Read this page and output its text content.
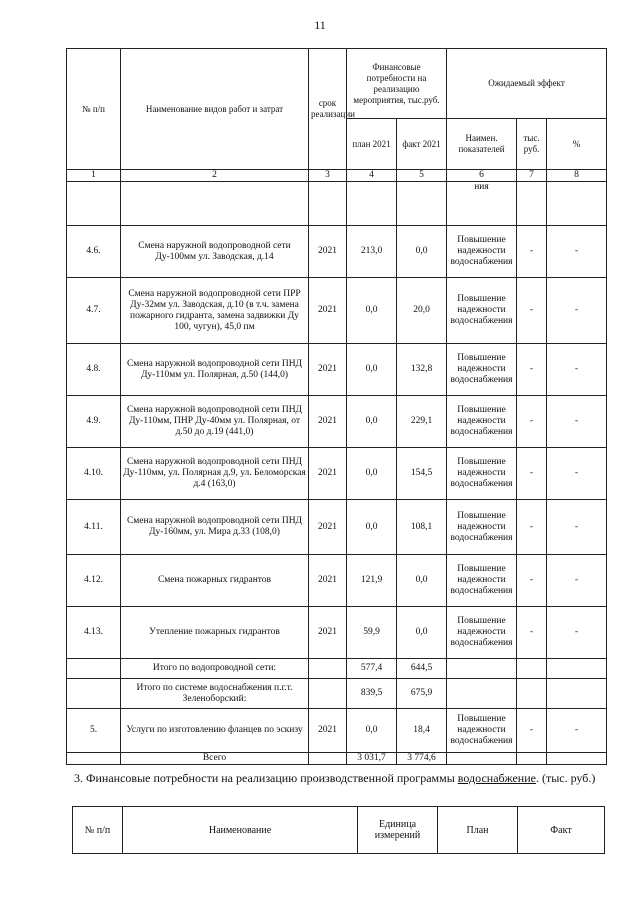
11
№ п/п	Наименование видов работ и затрат	срок реализации	Финансовые потребности на реализацию мероприятия, тыс.руб.		Ожидаемый эффект		
			план 2021	факт 2021	Наимен. показателей	тыс. руб.	%
1	2	3	4	5	6	7	8
					ния		
4.6.	Смена наружной водопроводной сети Ду-100мм ул. Заводская, д.14	2021	213,0	0,0	Повышение надежности водоснабжения	-	-
4.7.	Смена наружной водопроводной сети ПРР Ду-32мм ул. Заводская, д.10 (в т.ч. замена пожарного гидранта, замена задвижки Ду 100, чугун), 45,0 пм	2021	0,0	20,0	Повышение надежности водоснабжения	-	-
4.8.	Смена наружной водопроводной сети ПНД Ду-110мм ул. Полярная, д.50 (144,0)	2021	0,0	132,8	Повышение надежности водоснабжения	-	-
4.9.	Смена наружной водопроводной сети ПНД Ду-110мм, ПНР Ду-40мм ул. Полярная, от д.50 до д.19 (441,0)	2021	0,0	229,1	Повышение надежности водоснабжения	-	-
4.10.	Смена наружной водопроводной сети ПНД Ду-110мм, ул. Полярная д.9, ул. Беломорская д.4 (163,0)	2021	0,0	154,5	Повышение надежности водоснабжения	-	-
4.11.	Смена наружной водопроводной сети ПНД Ду-160мм, ул. Мира д.33 (108,0)	2021	0,0	108,1	Повышение надежности водоснабжения	-	-
4.12.	Смена пожарных гидрантов	2021	121,9	0,0	Повышение надежности водоснабжения	-	-
4.13.	Утепление пожарных гидрантов	2021	59,9	0,0	Повышение надежности водоснабжения	-	-
	Итого по водопроводной сети:		577,4	644,5			
	Итого по системе водоснабжения п.г.т. Зеленоборский:		839,5	675,9			
5.	Услуги по изготовлению фланцев по эскизу	2021	0,0	18,4	Повышение надежности водоснабжения	-	-
	Всего		3 031,7	3 774,6			
3. Финансовые потребности на реализацию производственной программы водоснабжение. (тыс. руб.)
№ п/п	Наименование	Единица измерений	План	Факт
